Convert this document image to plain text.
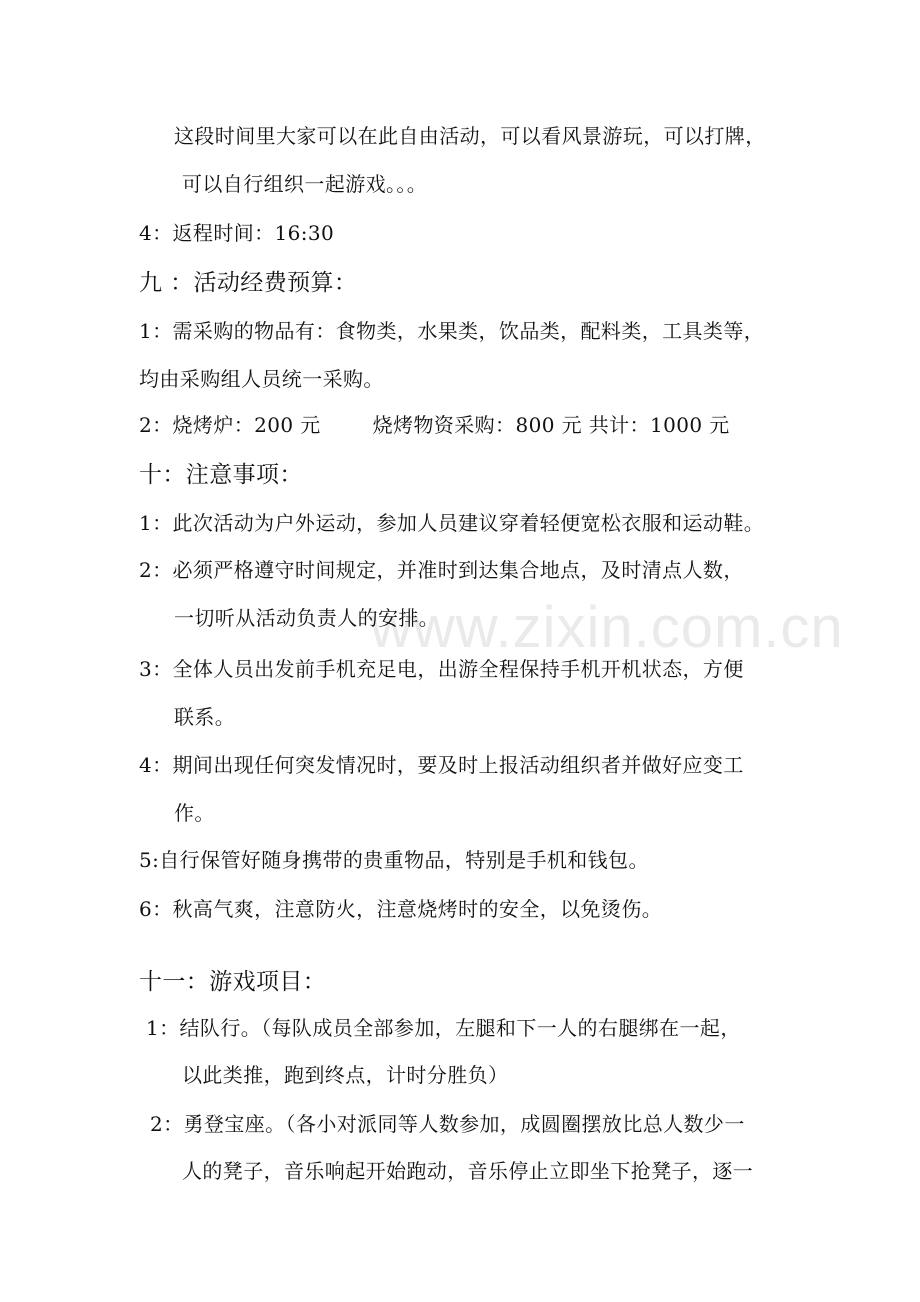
www.zixin.com.cn
这段时间里大家可以在此自由活动，可以看风景游玩，可以打牌，
可以自行组织一起游戏。。。
4：返程时间：16:30
九 ：活动经费预算：
1：需采购的物品有：食物类，水果类，饮品类，配料类，工具类等，
均由采购组人员统一采购。
2：烧烤炉：200 元	烧烤物资采购：800 元 共计：1000 元
十：注意事项：
1：此次活动为户外运动，参加人员建议穿着轻便宽松衣服和运动鞋。
2：必须严格遵守时间规定，并准时到达集合地点，及时清点人数，
一切听从活动负责人的安排。
3：全体人员出发前手机充足电，出游全程保持手机开机状态，方便
联系。
4：期间出现任何突发情况时，要及时上报活动组织者并做好应变工
作。
5:自行保管好随身携带的贵重物品，特别是手机和钱包。
6：秋高气爽，注意防火，注意烧烤时的安全，以免烫伤。
十一：游戏项目：
1：结队行。（每队成员全部参加，左腿和下一人的右腿绑在一起，
以此类推，跑到终点，计时分胜负）
2：勇登宝座。（各小对派同等人数参加，成圆圈摆放比总人数少一
人的凳子，音乐响起开始跑动，音乐停止立即坐下抢凳子，逐一
